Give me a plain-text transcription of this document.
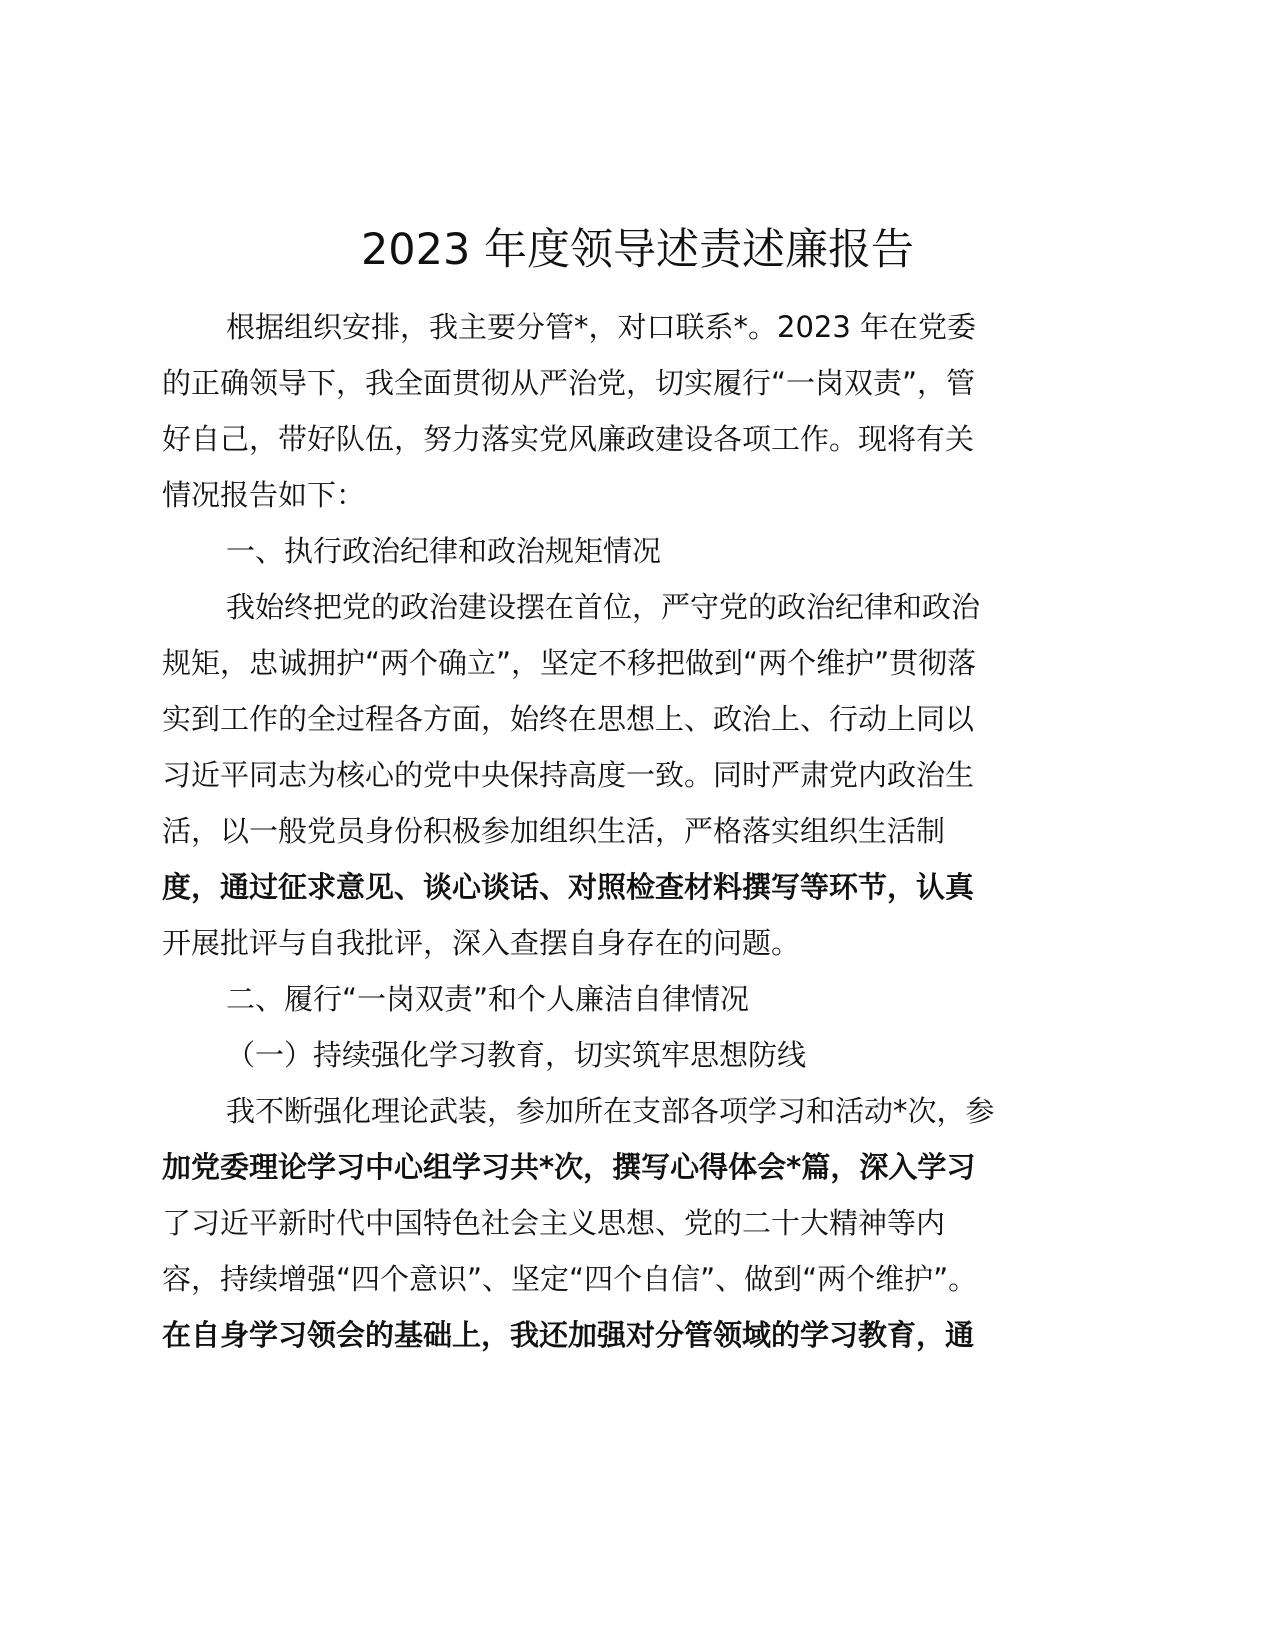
2023 年度领导述责述廉报告
根据组织安排，我主要分管*，对口联系*。2023 年在党委
的正确领导下，我全面贯彻从严治党，切实履行“一岗双责”，管
好自己，带好队伍，努力落实党风廉政建设各项工作。现将有关
情况报告如下：
一、执行政治纪律和政治规矩情况
我始终把党的政治建设摆在首位，严守党的政治纪律和政治
规矩，忠诚拥护“两个确立”，坚定不移把做到“两个维护”贯彻落
实到工作的全过程各方面，始终在思想上、政治上、行动上同以
习近平同志为核心的党中央保持高度一致。同时严肃党内政治生
活，以一般党员身份积极参加组织生活，严格落实组织生活制
度，通过征求意见、谈心谈话、对照检查材料撰写等环节，认真
开展批评与自我批评，深入查摆自身存在的问题。
二、履行“一岗双责”和个人廉洁自律情况
（一）持续强化学习教育，切实筑牢思想防线
我不断强化理论武装，参加所在支部各项学习和活动*次，参
加党委理论学习中心组学习共*次，撰写心得体会*篇，深入学习
了习近平新时代中国特色社会主义思想、党的二十大精神等内
容，持续增强“四个意识”、坚定“四个自信”、做到“两个维护”。
在自身学习领会的基础上，我还加强对分管领域的学习教育，通
